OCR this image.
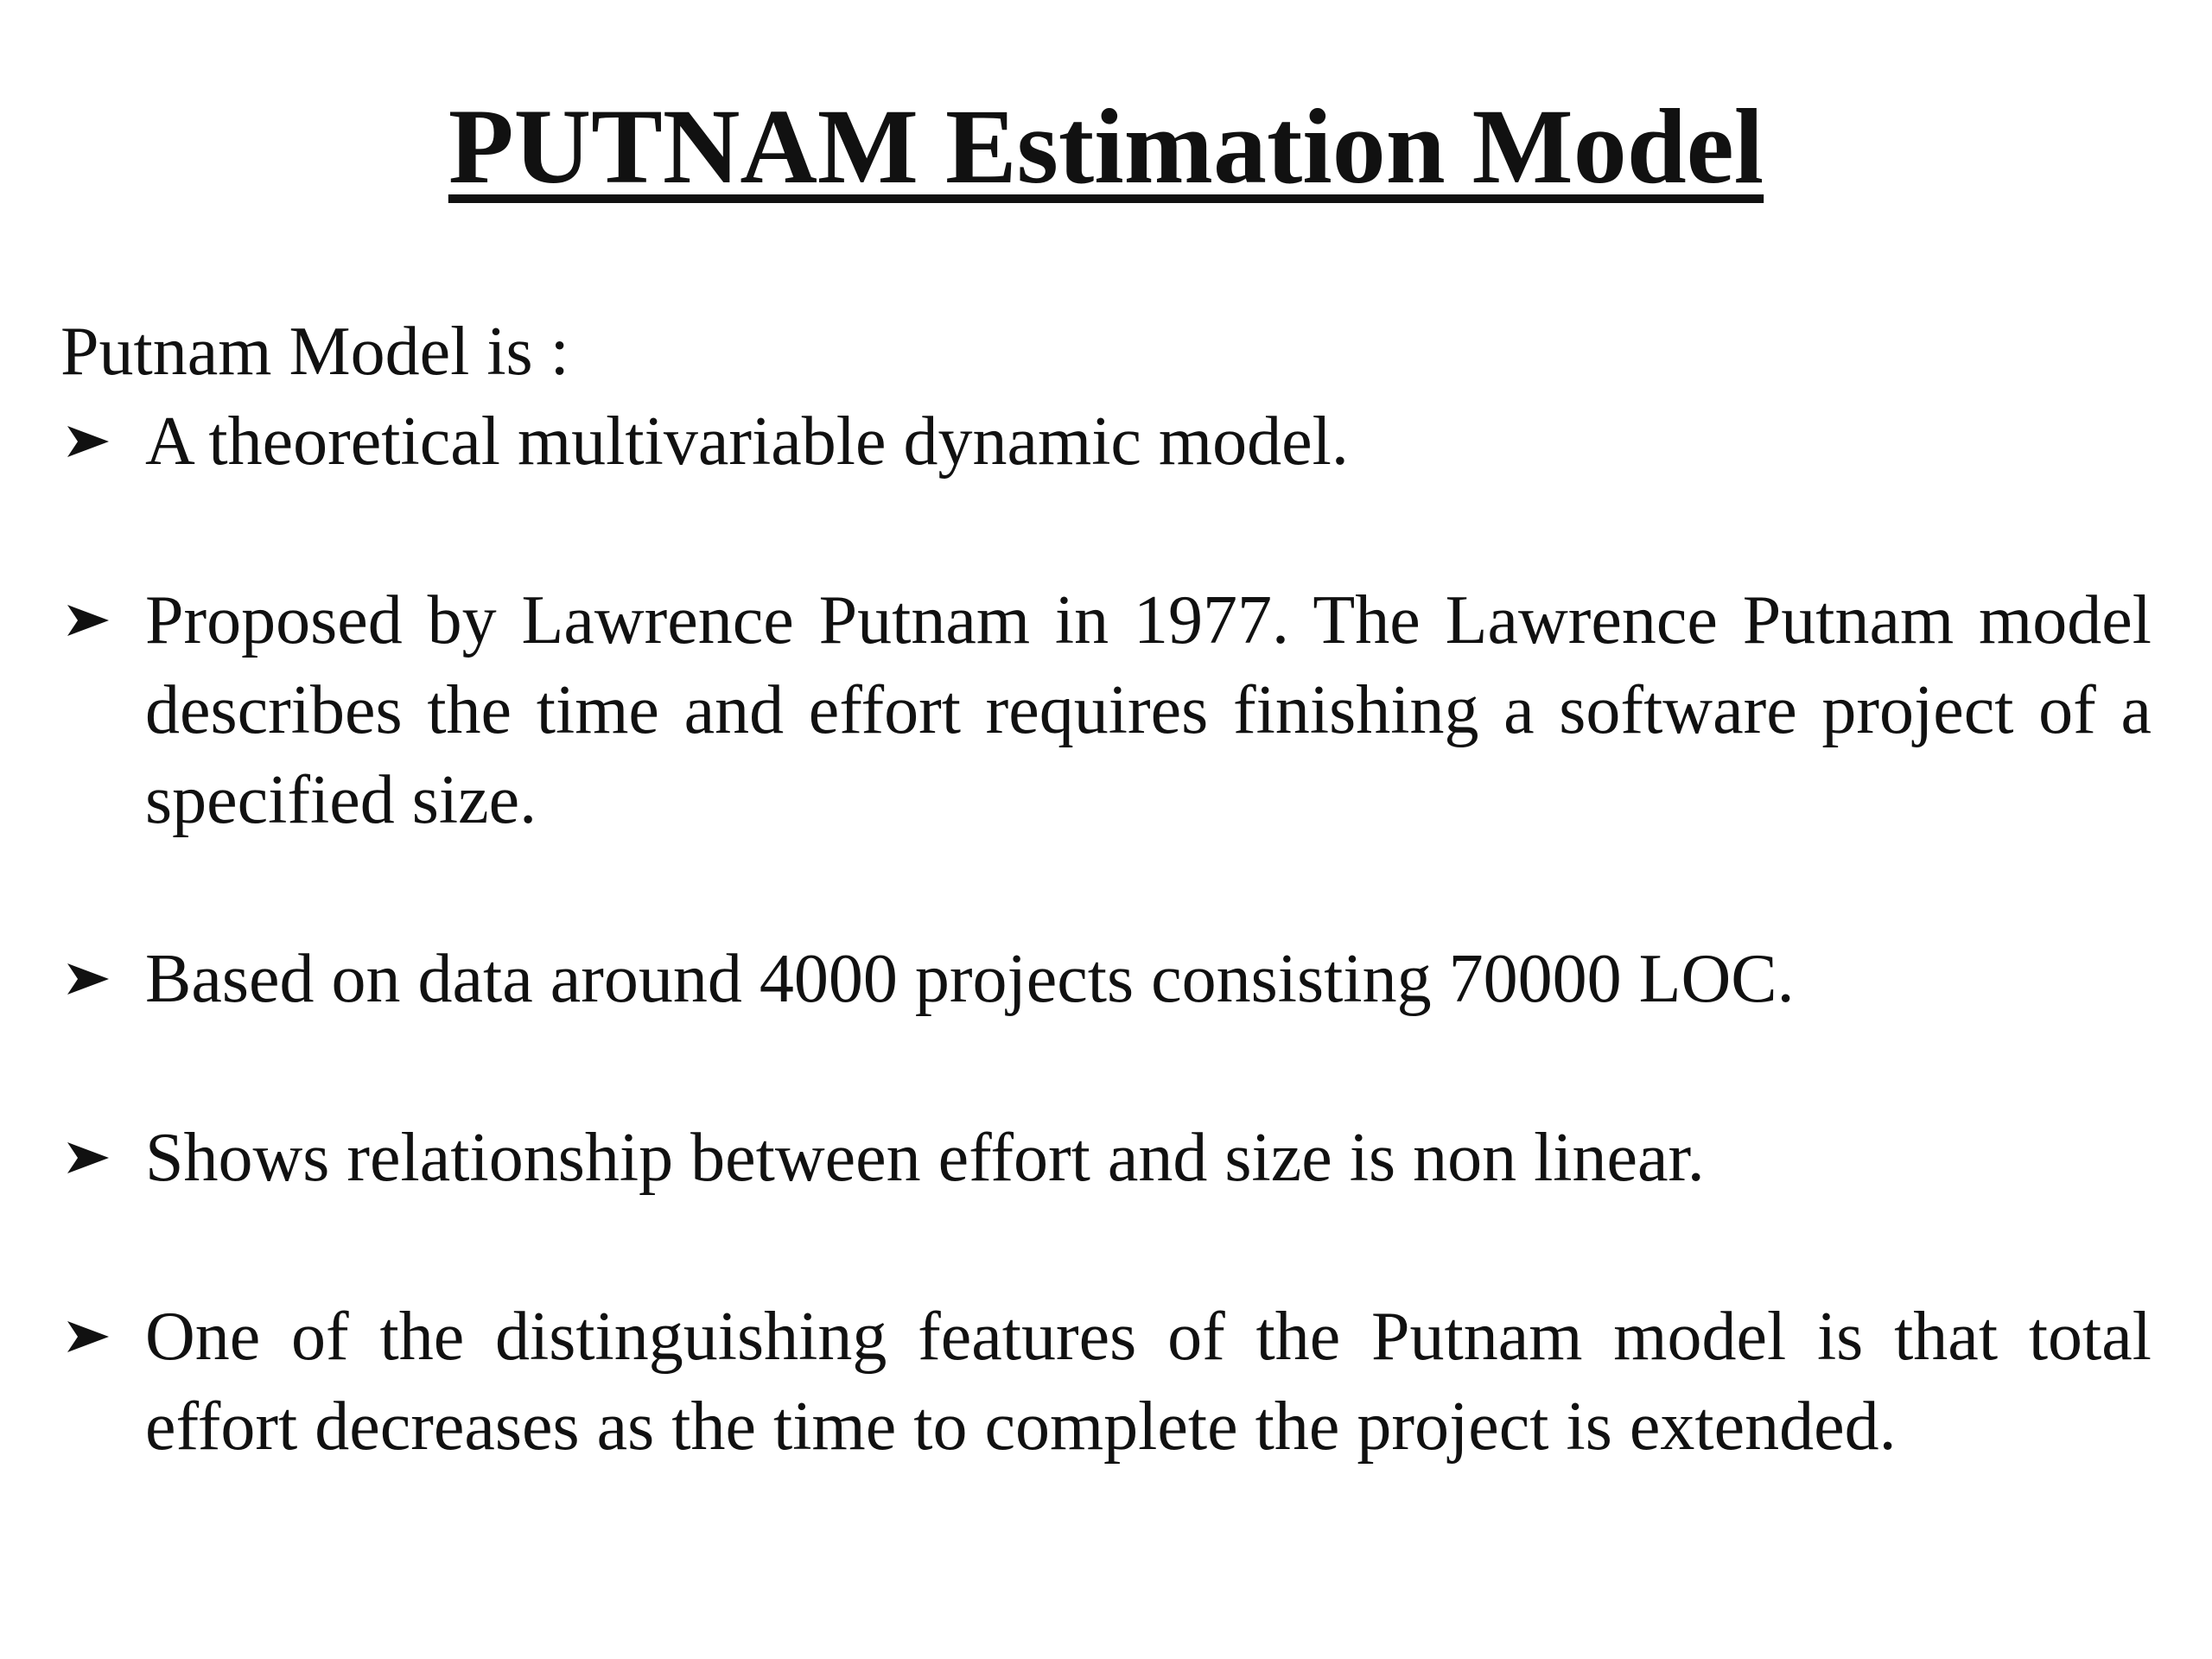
PUTNAM Estimation Model

Putnam Model is :

A theoretical multivariable dynamic model.
Proposed by Lawrence Putnam in 1977. The Lawrence Putnam model describes the time and effort requires finishing a software project of a specified size.
Based on data around 4000 projects consisting 70000 LOC.
Shows relationship between effort and size is non linear.
One of the distinguishing features of the Putnam model is that total effort decreases as the time to complete the project is extended.
